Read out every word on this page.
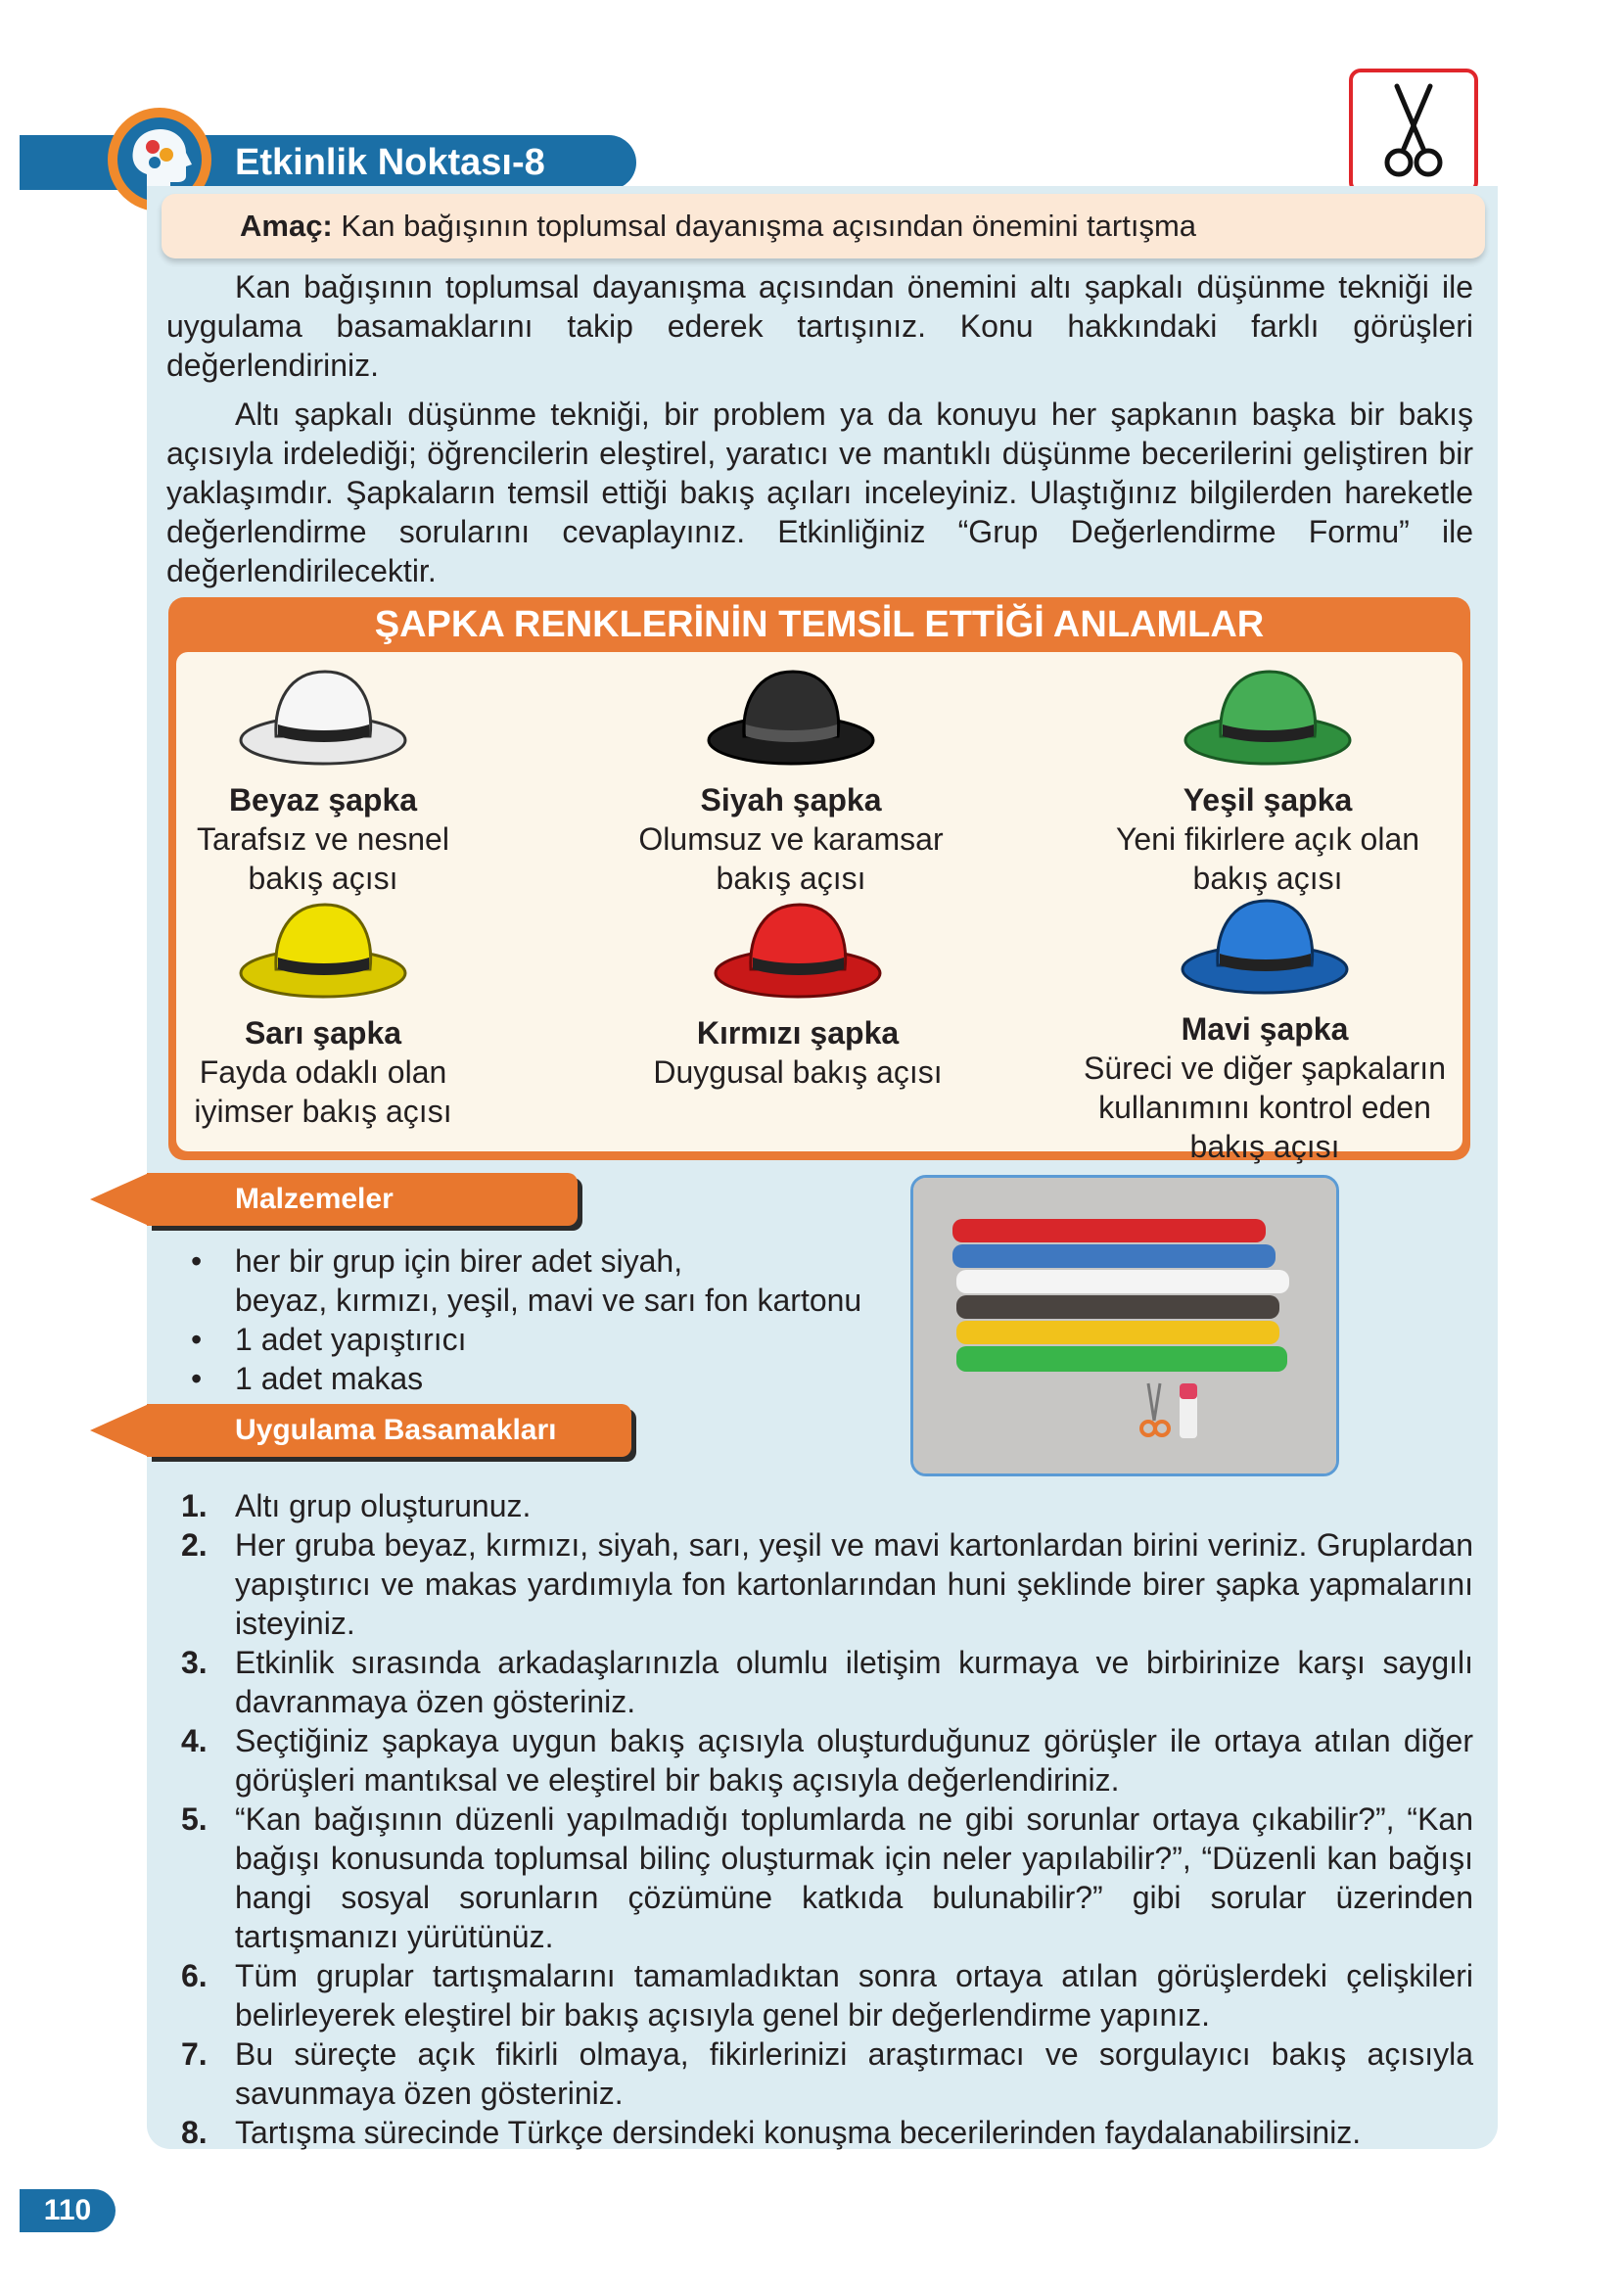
Etkinlik Noktası-8
Amaç: Kan bağışının toplumsal dayanışma açısından önemini tartışma
Kan bağışının toplumsal dayanışma açısından önemini altı şapkalı düşünme tekniği ile uygulama basamaklarını takip ederek tartışınız. Konu hakkındaki farklı görüşleri değerlendiriniz.
Altı şapkalı düşünme tekniği, bir problem ya da konuyu her şapkanın başka bir bakış açısıyla irdelediği; öğrencilerin eleştirel, yaratıcı ve mantıklı düşünme becerilerini geliştiren bir yaklaşımdır. Şapkaların temsil ettiği bakış açıları inceleyiniz. Ulaştığınız bilgilerden hareketle değerlendirme sorularını cevaplayınız. Etkinliğiniz “Grup Değerlendirme Formu” ile değerlendirilecektir.
ŞAPKA RENKLERİNİN TEMSİL ETTİĞİ ANLAMLAR
Beyaz şapka
Tarafsız ve nesnel
bakış açısı
Siyah şapka
Olumsuz ve karamsar
bakış açısı
Yeşil şapka
Yeni fikirlere açık olan
bakış açısı
Sarı şapka
Fayda odaklı olan
iyimser bakış açısı
Kırmızı şapka
Duygusal bakış açısı
Mavi şapka
Süreci ve diğer şapkaların
kullanımını kontrol eden
bakış açısı
Malzemeler
• her bir grup için birer adet siyah,
beyaz, kırmızı, yeşil, mavi ve sarı fon kartonu
• 1 adet yapıştırıcı
• 1 adet makas
Uygulama Basamakları
1. Altı grup oluşturunuz.
2. Her gruba beyaz, kırmızı, siyah, sarı, yeşil ve mavi kartonlardan birini veriniz. Gruplardan yapıştırıcı ve makas yardımıyla fon kartonlarından huni şeklinde birer şapka yapmalarını isteyiniz.
3. Etkinlik sırasında arkadaşlarınızla olumlu iletişim kurmaya ve birbirinize karşı saygılı davranmaya özen gösteriniz.
4. Seçtiğiniz şapkaya uygun bakış açısıyla oluşturduğunuz görüşler ile ortaya atılan diğer görüşleri mantıksal ve eleştirel bir bakış açısıyla değerlendiriniz.
5. “Kan bağışının düzenli yapılmadığı toplumlarda ne gibi sorunlar ortaya çıkabilir?”, “Kan bağışı konusunda toplumsal bilinç oluşturmak için neler yapılabilir?”, “Düzenli kan bağışı hangi sosyal sorunların çözümüne katkıda bulunabilir?” gibi sorular üzerinden tartışmanızı yürütünüz.
6. Tüm gruplar tartışmalarını tamamladıktan sonra ortaya atılan görüşlerdeki çelişkileri belirleyerek eleştirel bir bakış açısıyla genel bir değerlendirme yapınız.
7. Bu süreçte açık fikirli olmaya, fikirlerinizi araştırmacı ve sorgulayıcı bakış açısıyla savunmaya özen gösteriniz.
8. Tartışma sürecinde Türkçe dersindeki konuşma becerilerinden faydalanabilirsiniz.
110
